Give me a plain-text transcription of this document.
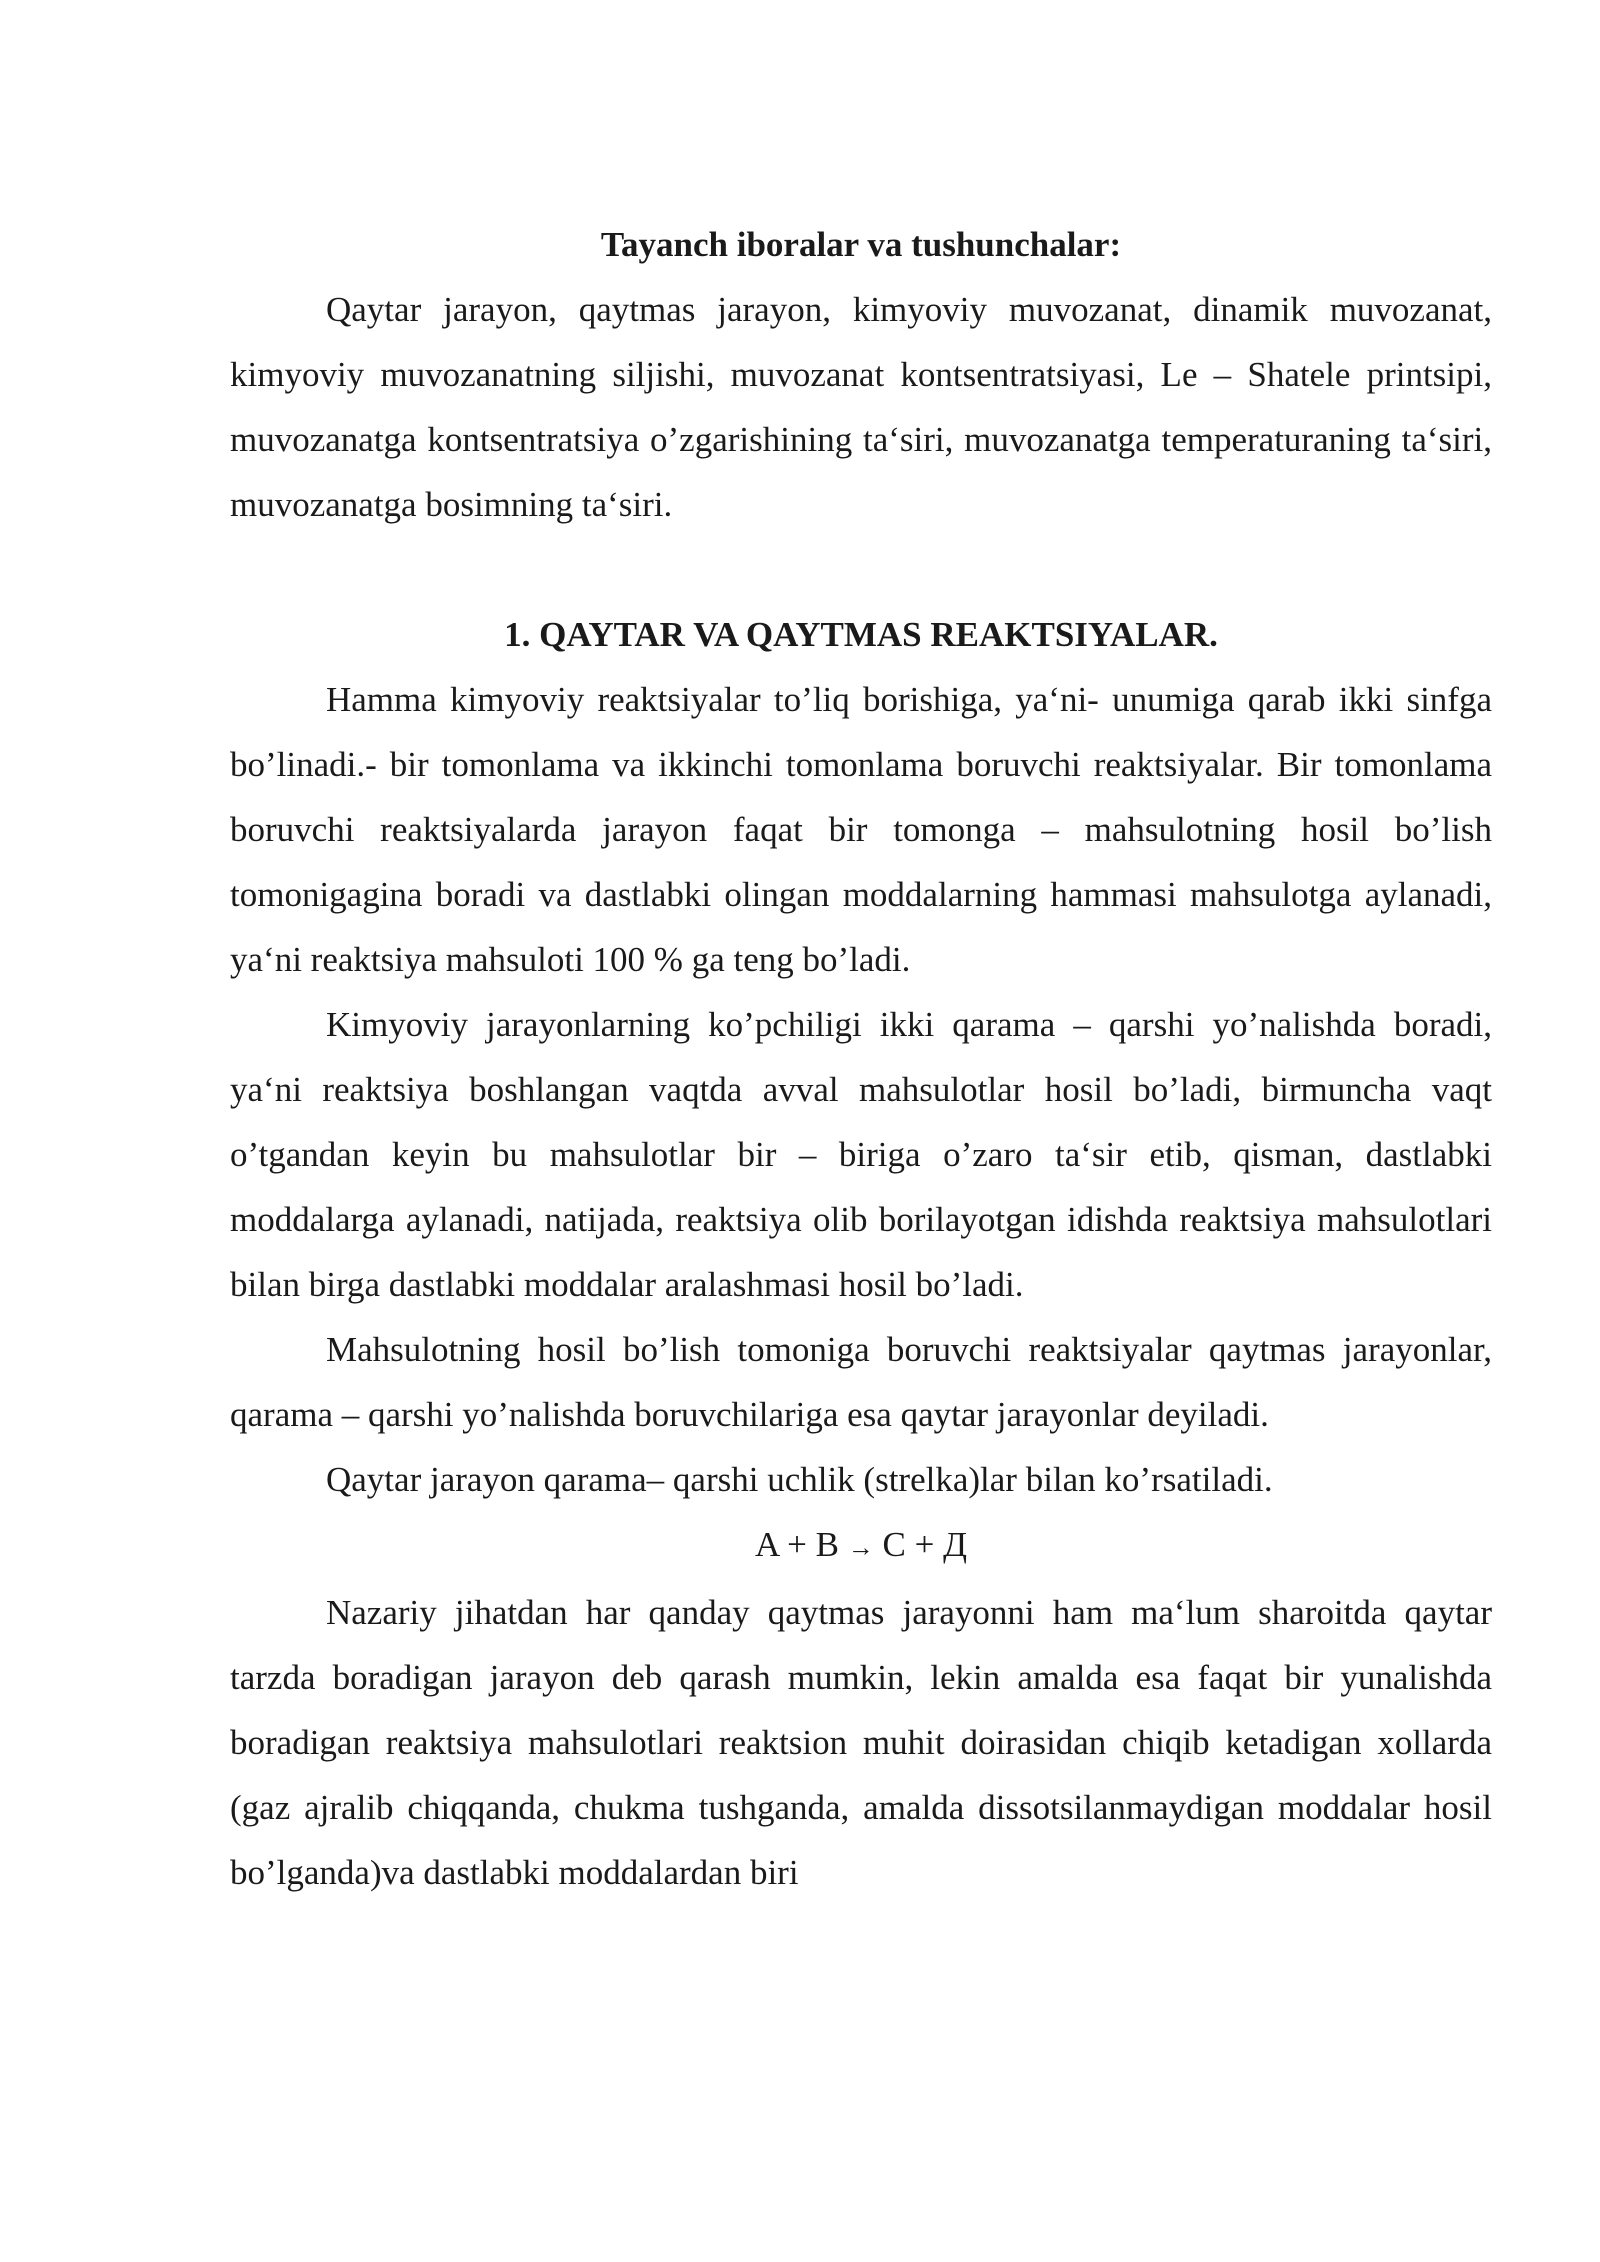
Tayanch iboralar va tushunchalar:

Qaytar jarayon, qaytmas jarayon, kimyoviy muvozanat, dinamik muvozanat, kimyoviy muvozanatning siljishi, muvozanat kontsentratsiyasi, Le – Shatele printsipi, muvozanatga kontsentratsiya o’zgarishining ta‘siri, muvozanatga temperaturaning ta‘siri, muvozanatga bosimning ta‘siri.

1. QAYTAR VA QAYTMAS REAKTSIYALAR.

Hamma kimyoviy reaktsiyalar to’liq borishiga, ya‘ni- unumiga qarab ikki sinfga bo’linadi.- bir tomonlama va ikkinchi tomonlama boruvchi reaktsiyalar. Bir tomonlama boruvchi reaktsiyalarda jarayon faqat bir tomonga – mahsulotning hosil bo’lish tomonigagina boradi va dastlabki olingan moddalarning hammasi mahsulotga aylanadi, ya‘ni reaktsiya mahsuloti 100 % ga teng bo’ladi.

Kimyoviy jarayonlarning ko’pchiligi ikki qarama – qarshi yo’nalishda boradi, ya‘ni reaktsiya boshlangan vaqtda avval mahsulotlar hosil bo’ladi, birmuncha vaqt o’tgandan keyin bu mahsulotlar bir – biriga o’zaro ta‘sir etib, qisman, dastlabki moddalarga aylanadi, natijada, reaktsiya olib borilayotgan idishda reaktsiya mahsulotlari bilan birga dastlabki moddalar aralashmasi hosil bo’ladi.

Mahsulotning hosil bo’lish tomoniga boruvchi reaktsiyalar qaytmas jarayonlar, qarama – qarshi yo’nalishda boruvchilariga esa qaytar jarayonlar deyiladi.

Qaytar jarayon qarama– qarshi uchlik (strelka)lar bilan ko’rsatiladi.

A + B → C + Д

Nazariy jihatdan har qanday qaytmas jarayonni ham ma‘lum sharoitda qaytar tarzda boradigan jarayon deb qarash mumkin, lekin amalda esa faqat bir yunalishda boradigan reaktsiya mahsulotlari reaktsion muhit doirasidan chiqib ketadigan xollarda (gaz ajralib chiqqanda, chukma tushganda, amalda dissotsilanmaydigan moddalar hosil bo’lganda)va dastlabki moddalardan biri
